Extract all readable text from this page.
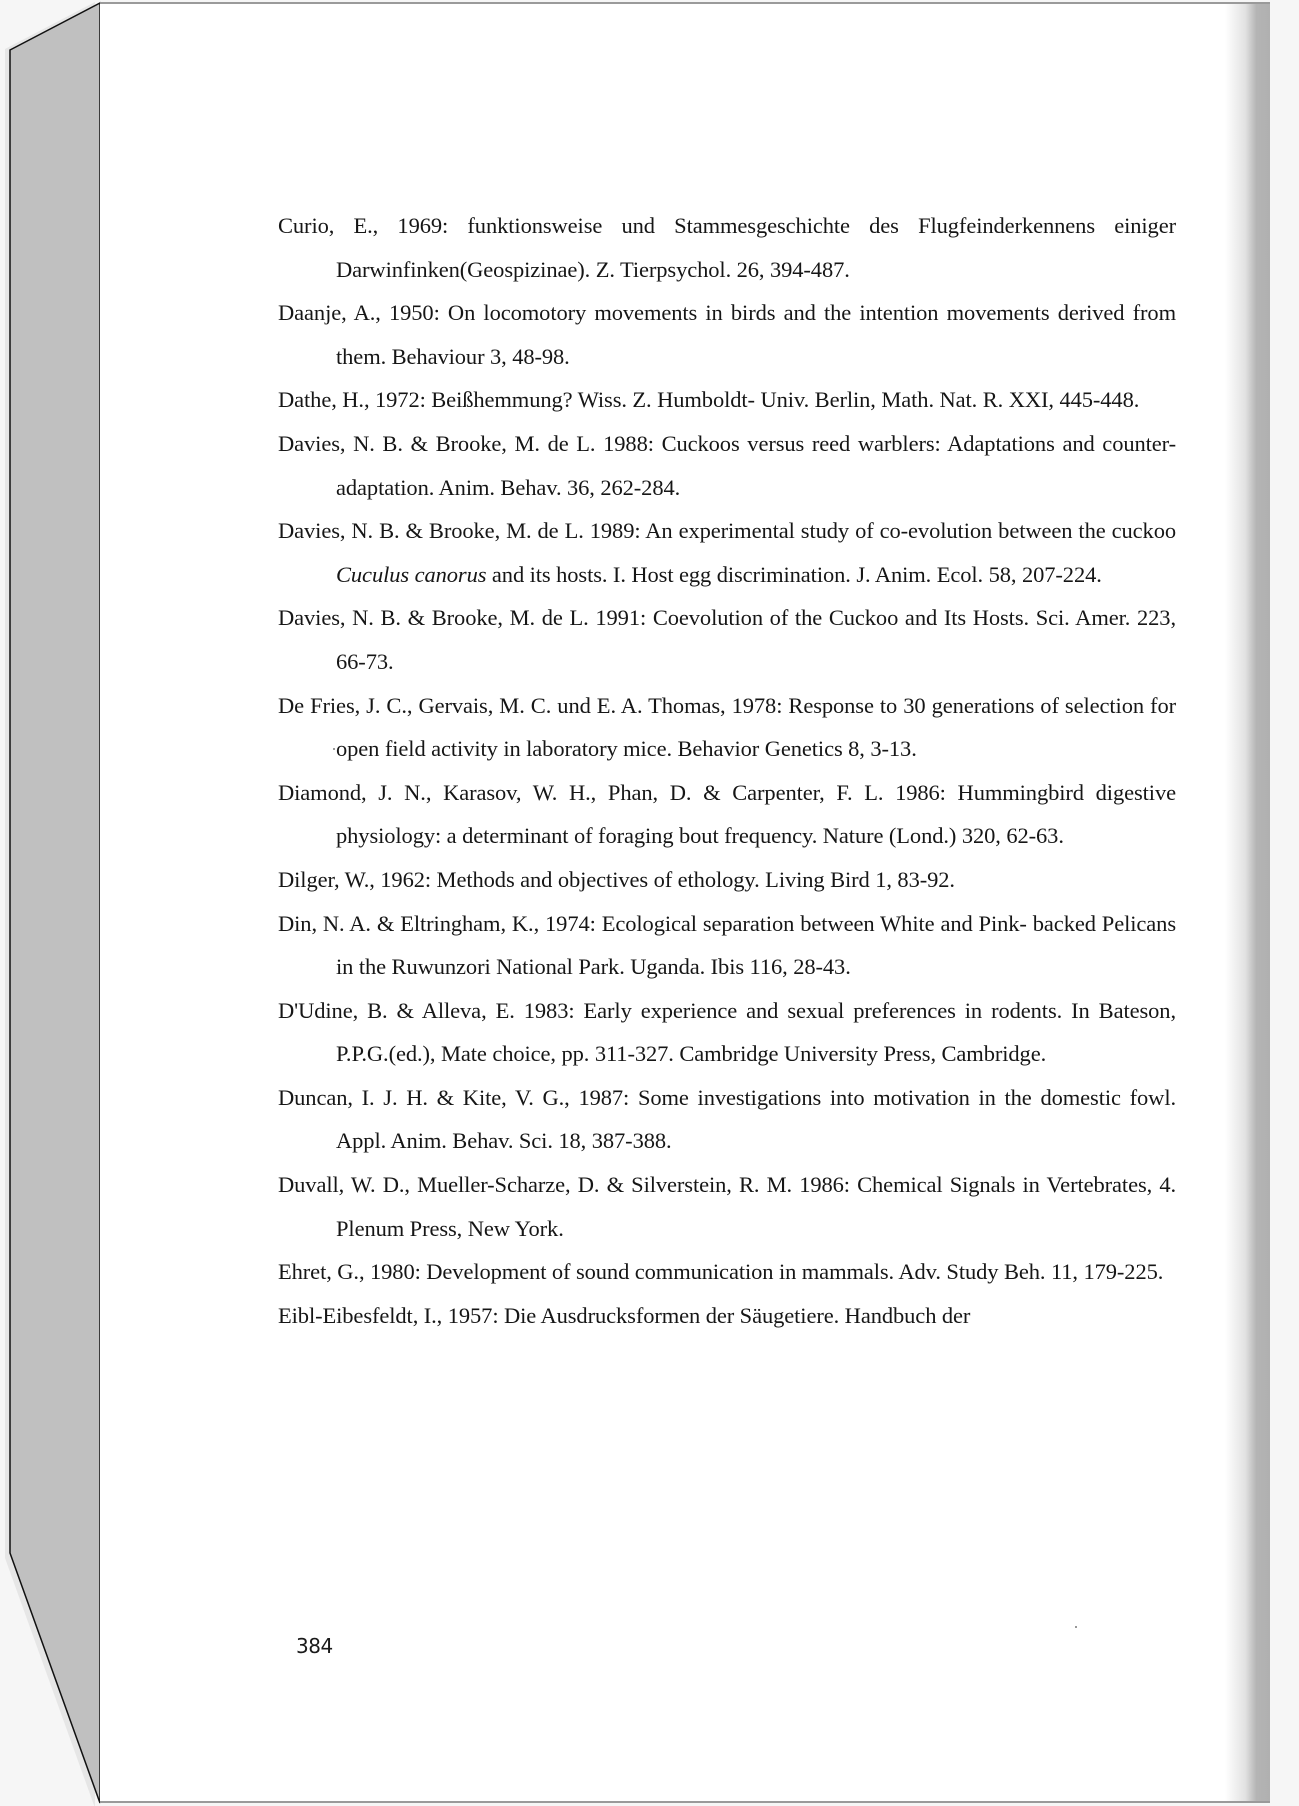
Curio, E., 1969: funktionsweise und Stammesgeschichte des Flugfeinderkennens einiger Darwinfinken(Geospizinae). Z. Tierpsychol. 26, 394-487.

Daanje, A., 1950: On locomotory movements in birds and the intention movements derived from them. Behaviour 3, 48-98.

Dathe, H., 1972: Beißhemmung? Wiss. Z. Humboldt- Univ. Berlin, Math. Nat. R. XXI, 445-448.

Davies, N. B. & Brooke, M. de L. 1988: Cuckoos versus reed warblers: Adaptations and counter-adaptation. Anim. Behav. 36, 262-284.

Davies, N. B. & Brooke, M. de L. 1989: An experimental study of co-evolution between the cuckoo Cuculus canorus and its hosts. I. Host egg discrimination. J. Anim. Ecol. 58, 207-224.

Davies, N. B. & Brooke, M. de L. 1991: Coevolution of the Cuckoo and Its Hosts. Sci. Amer. 223, 66-73.

De Fries, J. C., Gervais, M. C. und E. A. Thomas, 1978: Response to 30 generations of selection for open field activity in laboratory mice. Behavior Genetics 8, 3-13.

Diamond, J. N., Karasov, W. H., Phan, D. & Carpenter, F. L. 1986: Hummingbird digestive physiology: a determinant of foraging bout frequency. Nature (Lond.) 320, 62-63.

Dilger, W., 1962: Methods and objectives of ethology. Living Bird 1, 83-92.

Din, N. A. & Eltringham, K., 1974: Ecological separation between White and Pink- backed Pelicans in the Ruwunzori National Park. Uganda. Ibis 116, 28-43.

D'Udine, B. & Alleva, E. 1983: Early experience and sexual preferences in rodents. In Bateson, P.P.G.(ed.), Mate choice, pp. 311-327. Cambridge University Press, Cambridge.

Duncan, I. J. H. & Kite, V. G., 1987: Some investigations into motivation in the domestic fowl. Appl. Anim. Behav. Sci. 18, 387-388.

Duvall, W. D., Mueller-Scharze, D. & Silverstein, R. M. 1986: Chemical Signals in Vertebrates, 4. Plenum Press, New York.

Ehret, G., 1980: Development of sound communication in mammals. Adv. Study Beh. 11, 179-225.

Eibl-Eibesfeldt, I., 1957: Die Ausdrucksformen der Säugetiere. Handbuch der

384
